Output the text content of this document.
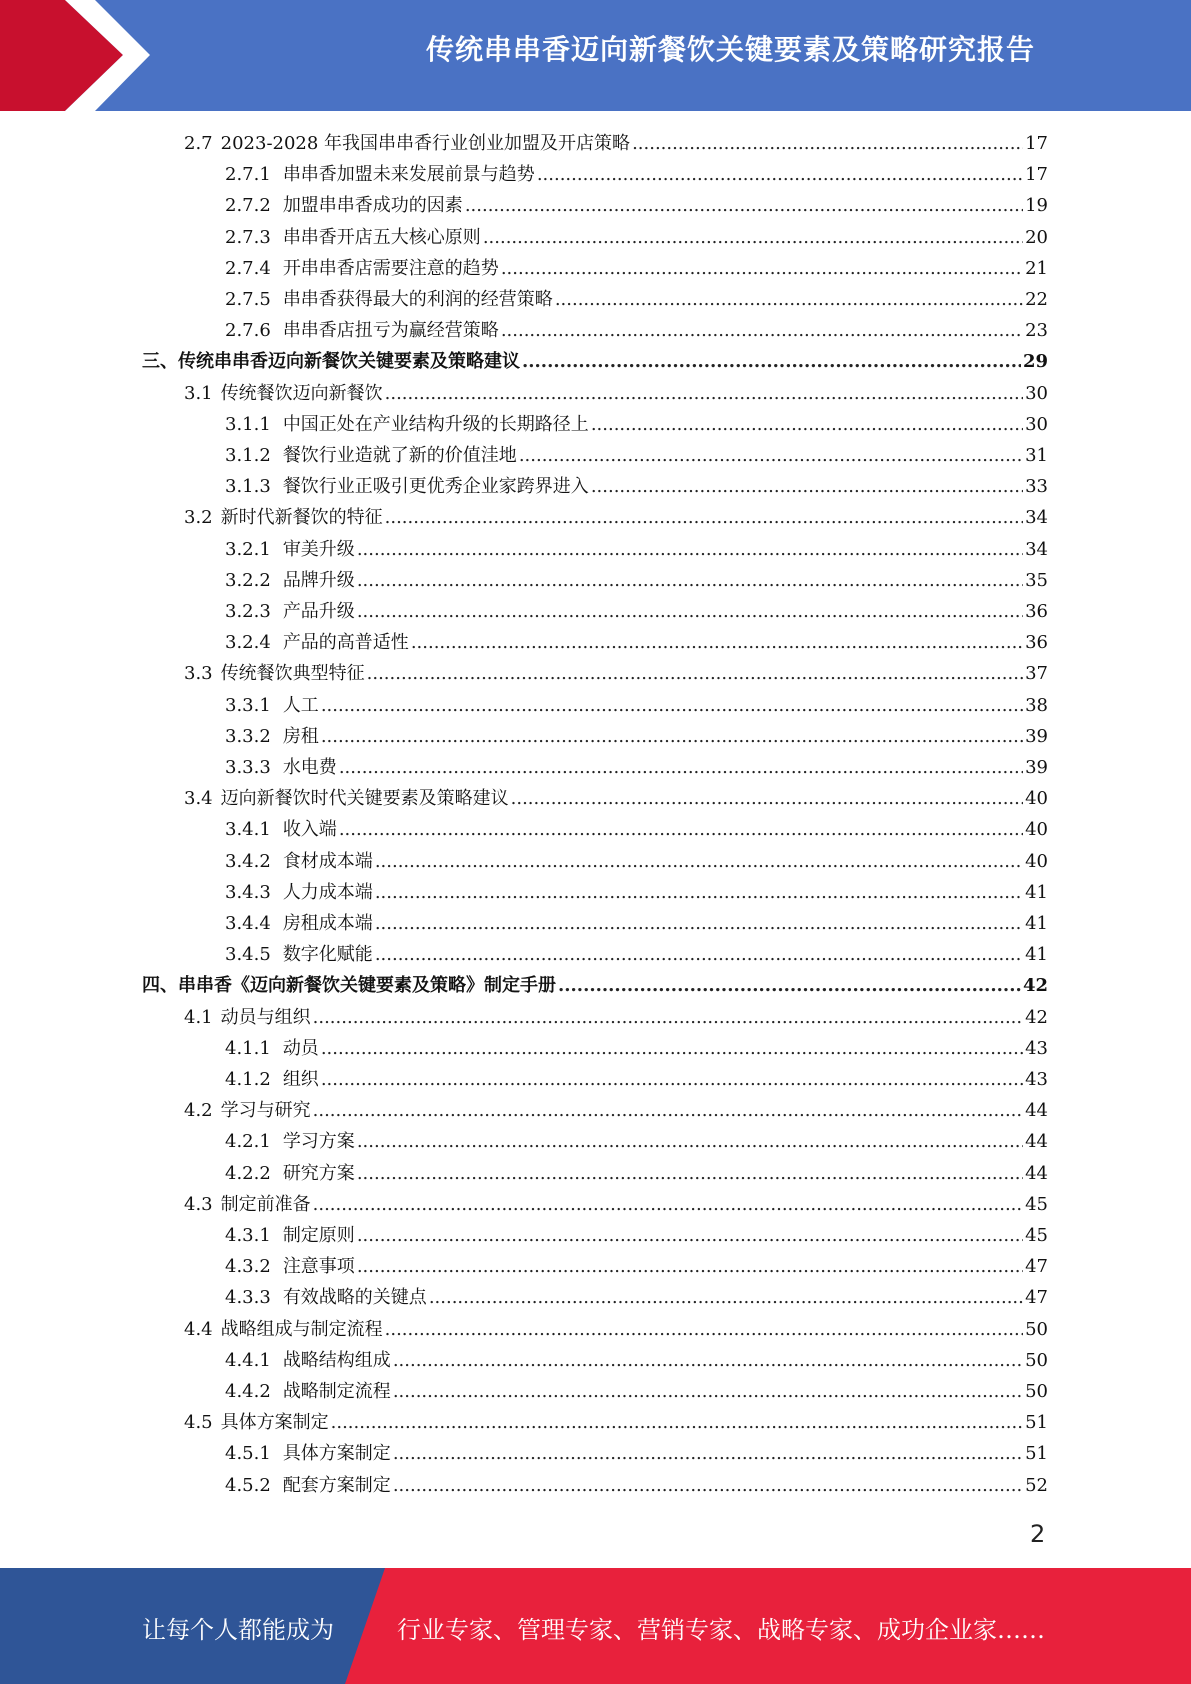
传统串串香迈向新餐饮关键要素及策略研究报告
2.7 2023-2028 年我国串串香行业创业加盟及开店策略 .....	17
2.7.1 串串香加盟未来发展前景与趋势 .....	17
2.7.2 加盟串串香成功的因素 .....	19
2.7.3 串串香开店五大核心原则 .....	20
2.7.4 开串串香店需要注意的趋势 .....	21
2.7.5 串串香获得最大的利润的经营策略 .....	22
2.7.6 串串香店扭亏为赢经营策略 .....	23
三、传统串串香迈向新餐饮关键要素及策略建议 .....	29
3.1 传统餐饮迈向新餐饮 .....	30
3.1.1 中国正处在产业结构升级的长期路径上 .....	30
3.1.2 餐饮行业造就了新的价值洼地 .....	31
3.1.3 餐饮行业正吸引更优秀企业家跨界进入 .....	33
3.2 新时代新餐饮的特征 .....	34
3.2.1 审美升级 .....	34
3.2.2 品牌升级 .....	35
3.2.3 产品升级 .....	36
3.2.4 产品的高普适性 .....	36
3.3 传统餐饮典型特征 .....	37
3.3.1 人工 .....	38
3.3.2 房租 .....	39
3.3.3 水电费 .....	39
3.4 迈向新餐饮时代关键要素及策略建议 .....	40
3.4.1 收入端 .....	40
3.4.2 食材成本端 .....	40
3.4.3 人力成本端 .....	41
3.4.4 房租成本端 .....	41
3.4.5 数字化赋能 .....	41
四、串串香《迈向新餐饮关键要素及策略》制定手册 .....	42
4.1 动员与组织 .....	42
4.1.1 动员 .....	43
4.1.2 组织 .....	43
4.2 学习与研究 .....	44
4.2.1 学习方案 .....	44
4.2.2 研究方案 .....	44
4.3 制定前准备 .....	45
4.3.1 制定原则 .....	45
4.3.2 注意事项 .....	47
4.3.3 有效战略的关键点 .....	47
4.4 战略组成与制定流程 .....	50
4.4.1 战略结构组成 .....	50
4.4.2 战略制定流程 .....	50
4.5 具体方案制定 .....	51
4.5.1 具体方案制定 .....	51
4.5.2 配套方案制定 .....	52
2
让每个人都能成为	行业专家、管理专家、营销专家、战略专家、成功企业家……
